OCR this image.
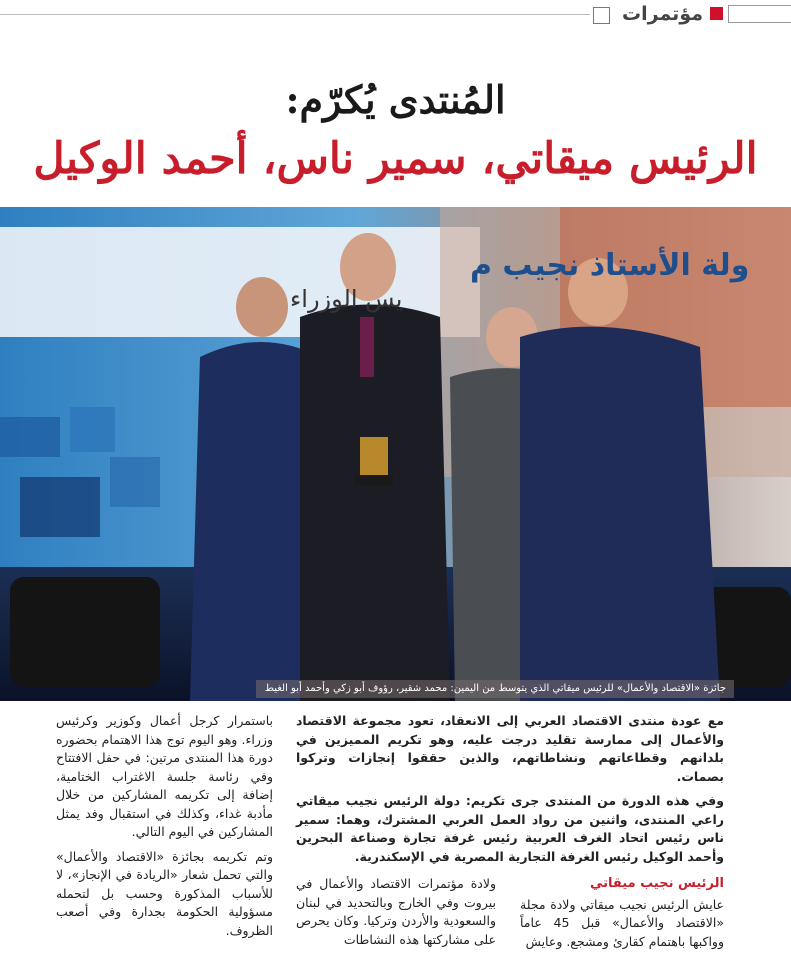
مؤتمرات
المُنتدى يُكرّم:
الرئيس ميقاتي، سمير ناس، أحمد الوكيل
ولة الأستاذ نجيب م
يس الوزراء
جائزة «الاقتصاد والأعمال» للرئيس ميقاتي الذي يتوسط من اليمين: محمد شقير، رؤوف أبو زكي وأحمد أبو الغيط

مع عودة منتدى الاقتصاد العربي إلى الانعقاد، تعود مجموعة الاقتصاد والأعمال إلى ممارسة تقليد درجت عليه، وهو تكريم المميزين في بلدانهم وقطاعاتهم ونشاطاتهم، والذين حققوا إنجازات وتركوا بصمات.

وفي هذه الدورة من المنتدى جرى تكريم: دولة الرئيس نجيب ميقاتي راعي المنتدى، واثنين من رواد العمل العربي المشترك، وهما: سمير ناس رئيس اتحاد الغرف العربية رئيس غرفة تجارة وصناعة البحرين وأحمد الوكيل رئيس الغرفة التجارية المصرية في الإسكندرية.

باستمرار كرجل أعمال وكوزير وكرئيس وزراء. وهو اليوم توج هذا الاهتمام بحضوره دورة هذا المنتدى مرتين: في حفل الافتتاح وفي رئاسة جلسة الاغتراب الختامية، إضافة إلى تكريمه المشاركين من خلال مأدبة غداء، وكذلك في استقبال وفد يمثل المشاركين في اليوم التالي.

وتم تكريمه بجائزة «الاقتصاد والأعمال» والتي تحمل شعار «الريادة في الإنجاز»، لا للأسباب المذكورة وحسب بل لتحمله مسؤولية الحكومة بجدارة وفي أصعب الظروف.

ولادة مؤتمرات الاقتصاد والأعمال في بيروت وفي الخارج وبالتحديد في لبنان والسعودية والأردن وتركيا. وكان يحرص على مشاركتها هذه النشاطات

الرئيس نجيب ميقاتي

عايش الرئيس نجيب ميقاتي ولادة مجلة «الاقتصاد والأعمال» قبل 45 عاماً وواكبها باهتمام كقارئ ومشجع. وعايش
